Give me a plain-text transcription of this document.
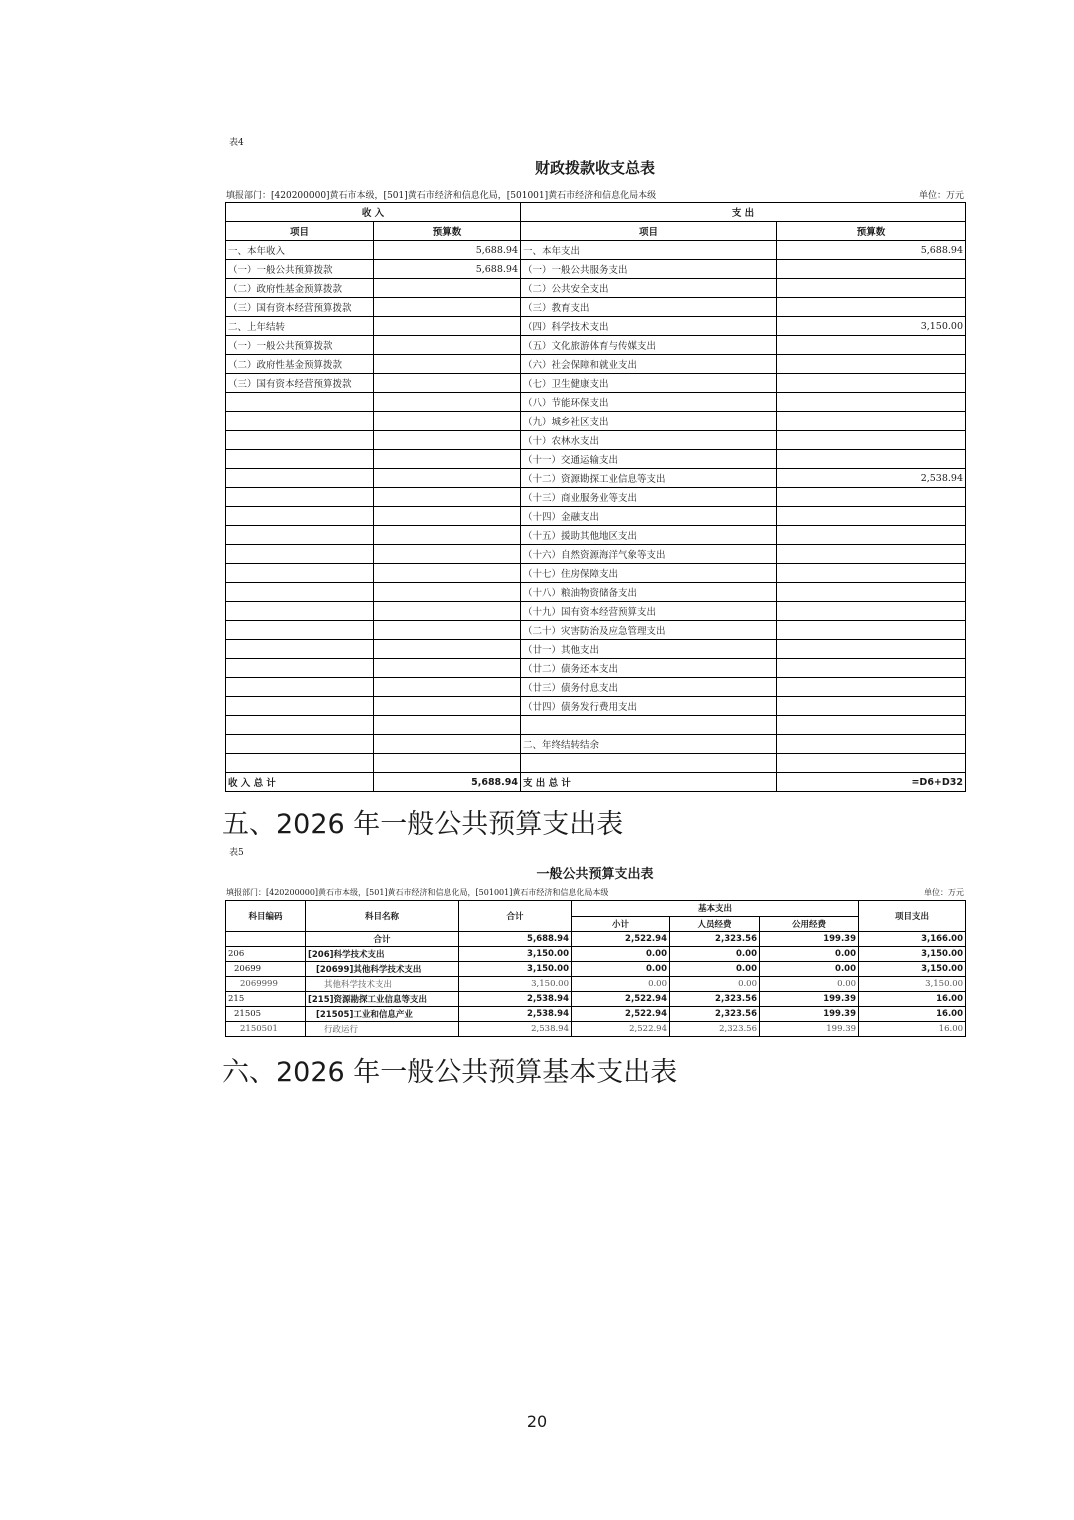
表4
财政拨款收支总表
填报部门：[420200000]黄石市本级，[501]黄石市经济和信息化局，[501001]黄石市经济和信息化局本级	单位：万元
收 入		支 出	
项目	预算数	项目	预算数
一、本年收入	5,688.94	一、本年支出	5,688.94
（一）一般公共预算拨款	5,688.94	（一）一般公共服务支出	
（二）政府性基金预算拨款		（二）公共安全支出	
（三）国有资本经营预算拨款		（三）教育支出	
二、上年结转		（四）科学技术支出	3,150.00
（一）一般公共预算拨款		（五）文化旅游体育与传媒支出	
（二）政府性基金预算拨款		（六）社会保障和就业支出	
（三）国有资本经营预算拨款		（七）卫生健康支出	
		（八）节能环保支出	
		（九）城乡社区支出	
		（十）农林水支出	
		（十一）交通运输支出	
		（十二）资源勘探工业信息等支出	2,538.94
		（十三）商业服务业等支出	
		（十四）金融支出	
		（十五）援助其他地区支出	
		（十六）自然资源海洋气象等支出	
		（十七）住房保障支出	
		（十八）粮油物资储备支出	
		（十九）国有资本经营预算支出	
		（二十）灾害防治及应急管理支出	
		（廿一）其他支出	
		（廿二）债务还本支出	
		（廿三）债务付息支出	
		（廿四）债务发行费用支出	

		二、年终结转结余	

收 入 总 计	5,688.94	支 出 总 计	=D6+D32
五、2026 年一般公共预算支出表
表5
一般公共预算支出表
填报部门：[420200000]黄石市本级，[501]黄石市经济和信息化局，[501001]黄石市经济和信息化局本级	单位：万元
科目编码	科目名称	合计	基本支出			项目支出
			小计	人员经费	公用经费	
	合计	5,688.94	2,522.94	2,323.56	199.39	3,166.00
206	[206]科学技术支出	3,150.00	0.00	0.00	0.00	3,150.00
20699	[20699]其他科学技术支出	3,150.00	0.00	0.00	0.00	3,150.00
2069999	其他科学技术支出	3,150.00	0.00	0.00	0.00	3,150.00
215	[215]资源勘探工业信息等支出	2,538.94	2,522.94	2,323.56	199.39	16.00
21505	[21505]工业和信息产业	2,538.94	2,522.94	2,323.56	199.39	16.00
2150501	行政运行	2,538.94	2,522.94	2,323.56	199.39	16.00
六、2026 年一般公共预算基本支出表
20
